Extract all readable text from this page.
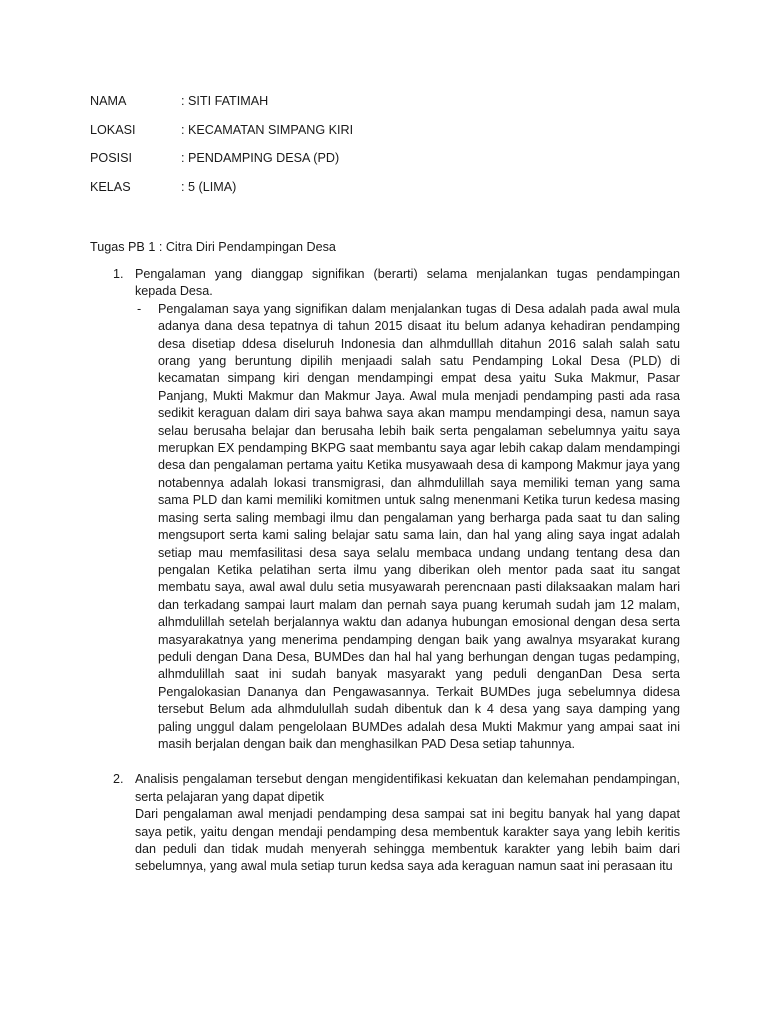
NAMA	: SITI FATIMAH
LOKASI	: KECAMATAN SIMPANG KIRI
POSISI	: PENDAMPING DESA (PD)
KELAS	: 5 (LIMA)
Tugas PB 1 : Citra Diri Pendampingan Desa
1. Pengalaman yang dianggap signifikan (berarti) selama menjalankan tugas pendampingan kepada Desa.
-	Pengalaman saya yang signifikan dalam menjalankan tugas di Desa adalah pada awal mula adanya dana desa tepatnya di tahun 2015 disaat itu belum adanya kehadiran pendamping desa disetiap ddesa diseluruh Indonesia dan alhmdulllah ditahun 2016 salah salah satu orang yang beruntung dipilih menjaadi salah satu Pendamping Lokal Desa (PLD) di kecamatan simpang kiri dengan mendampingi empat desa yaitu Suka Makmur, Pasar Panjang, Mukti Makmur dan Makmur Jaya. Awal mula menjadi pendamping pasti ada rasa sedikit keraguan dalam diri saya bahwa saya akan mampu mendampingi desa, namun saya selau berusaha belajar dan berusaha lebih baik serta pengalaman sebelumnya yaitu saya merupkan EX pendamping BKPG saat membantu saya agar lebih cakap dalam mendampingi desa dan pengalaman pertama yaitu Ketika musyawaah desa di kampong Makmur jaya yang notabennya adalah lokasi transmigrasi, dan alhmdulillah saya memiliki teman yang sama sama PLD dan kami memiliki komitmen untuk salng menenmani Ketika turun kedesa masing masing serta saling membagi ilmu dan pengalaman yang berharga pada saat tu dan saling mengsuport serta kami saling belajar satu sama lain, dan hal yang aling saya ingat adalah setiap mau memfasilitasi desa saya selalu membaca undang undang tentang desa dan pengalan Ketika pelatihan serta ilmu yang diberikan oleh mentor pada saat itu sangat membatu saya, awal awal dulu setia musyawarah perencnaan pasti dilaksaakan malam hari dan terkadang sampai laurt malam dan pernah saya puang kerumah sudah jam 12 malam, alhmdulillah setelah berjalannya waktu dan adanya hubungan emosional dengan desa serta masyarakatnya yang menerima pendamping dengan baik yang awalnya msyarakat kurang peduli dengan Dana Desa, BUMDes dan hal hal yang berhungan dengan tugas pedamping, alhmdulillah saat ini sudah banyak masyarakt yang peduli denganDan Desa serta Pengalokasian Dananya dan Pengawasannya. Terkait BUMDes juga sebelumnya didesa tersebut Belum ada alhmdulullah sudah dibentuk dan k 4 desa yang saya damping yang paling unggul dalam pengelolaan BUMDes adalah desa Mukti Makmur yang ampai saat ini masih berjalan dengan baik dan menghasilkan PAD Desa setiap tahunnya.
2. Analisis pengalaman tersebut dengan mengidentifikasi kekuatan dan kelemahan pendampingan, serta pelajaran yang dapat dipetik
Dari pengalaman awal menjadi pendamping desa sampai sat ini begitu banyak hal yang dapat saya petik, yaitu dengan mendaji pendamping desa membentuk karakter saya yang lebih keritis dan peduli dan tidak mudah menyerah sehingga membentuk karakter yang lebih baim dari sebelumnya, yang awal mula setiap turun kedsa saya ada keraguan namun saat ini perasaan itu
